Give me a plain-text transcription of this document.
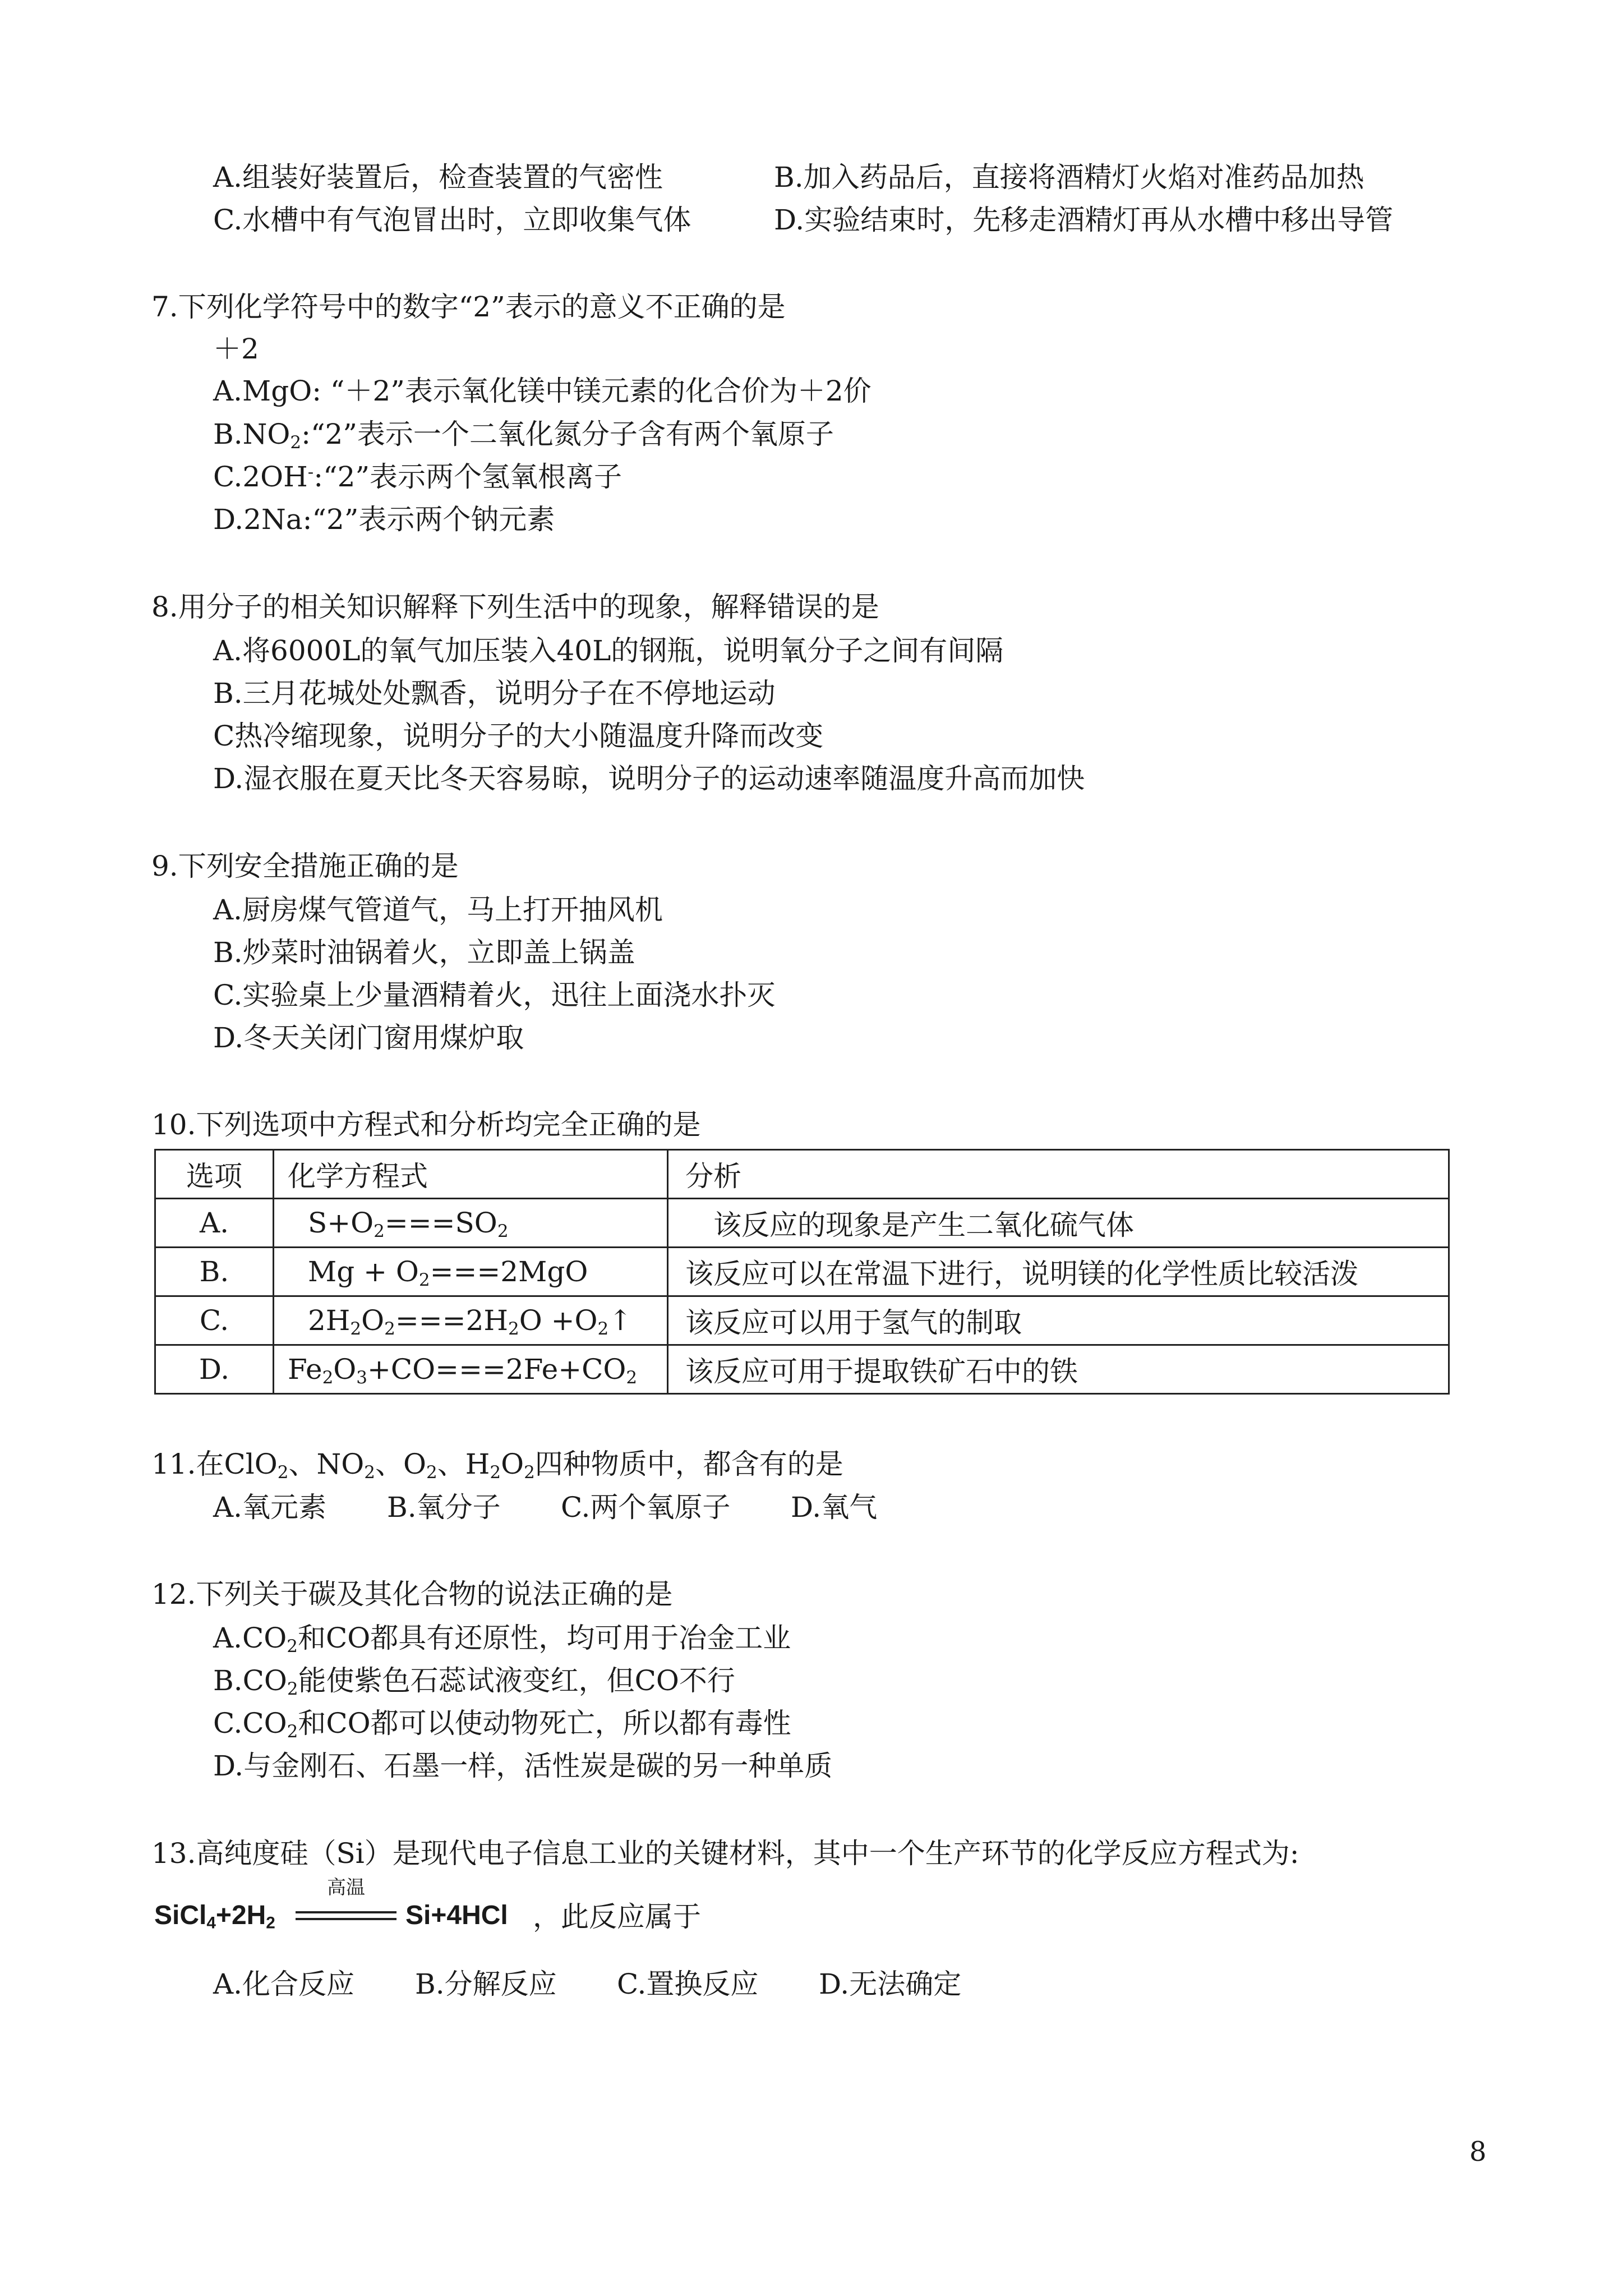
A.组装好装置后，检查装置的气密性	B.加入药品后，直接将酒精灯火焰对准药品加热
C.水槽中有气泡冒出时，立即收集气体	D.实验结束时，先移走酒精灯再从水槽中移出导管
7.下列化学符号中的数字“2”表示的意义不正确的是
＋2
A.MgO: “＋2”表示氧化镁中镁元素的化合价为＋2价
$B.NO_2:“2$”表示一个二氧化氮分子含有两个氧原子
C.2OH-:“2”表示两个氢氧根离子
D.2Na:“2”表示两个钠元素
8.用分子的相关知识解释下列生活中的现象，解释错误的是
A.将6000L的氧气加压装入40L的钢瓶，说明氧分子之间有间隔
B.三月花城处处飘香，说明分子在不停地运动
C热冷缩现象，说明分子的大小随温度升降而改变
D.湿衣服在夏天比冬天容易晾，说明分子的运动速率随温度升高而加快
9.下列安全措施正确的是
A.厨房煤气管道气，马上打开抽风机
B.炒菜时油锅着火，立即盖上锅盖
C.实验桌上少量酒精着火，迅往上面浇水扑灭
D.冬天关闭门窗用煤炉取
10.下列选项中方程式和分析均完全正确的是
选项	化学方程式	分析
A.	$S+O_2===SO_2$	该反应的现象是产生二氧化硫气体
B.	$Mg + O_2===2MgO$	该反应可以在常温下进行，说明镁的化学性质比较活泼
C.	$2H_2O_2===2H_2O$ $+O_2↑$	该反应可以用于氢气的制取
D.	$Fe_2O_3+CO===2Fe+CO_2$	该反应可用于提取铁矿石中的铁
11.在ClO$_2$、$NO_2$、$O_2$、$H_2O_2$四种物质中，都含有的是
A.氧元素 B.氧分子 C.两个氧原子 D.氧气
12.下列关于碳及其化合物的说法正确的是
$A.CO_2$和CO都具有还原性，均可用于冶金工业
$B.CO_2$能使紫色石蕊试液变红，但CO不行
$C.CO_2$和CO都可以使动物死亡，所以都有毒性
D.与金刚石、石墨一样，活性炭是碳的另一种单质
13.高纯度硅（Si）是现代电子信息工业的关键材料，其中一个生产环节的化学反应方程式为:
$SiCl_4+2H_2$
高温
Si+4HCl ，此反应属于
A.化合反应 B.分解反应 C.置换反应 D.无法确定
8
